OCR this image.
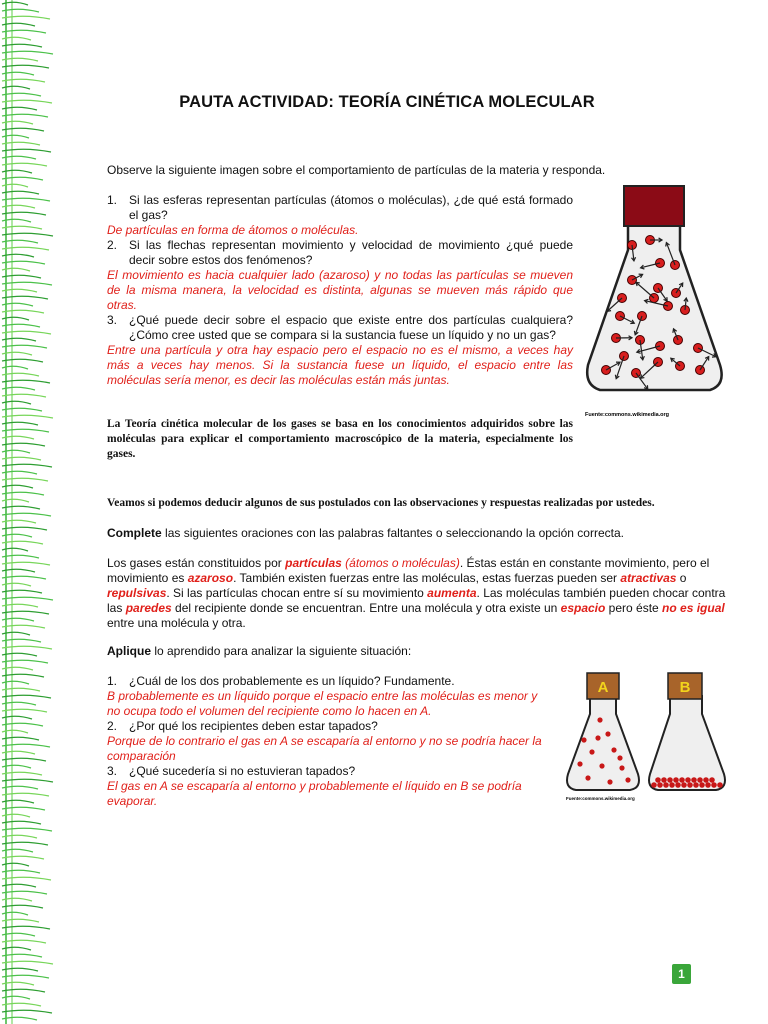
PAUTA ACTIVIDAD: TEORÍA CINÉTICA MOLECULAR
Observe la siguiente imagen sobre el comportamiento de partículas de la materia y responda.
1. Si las esferas representan partículas (átomos o moléculas), ¿de qué está formado el gas?
De partículas en forma de átomos o moléculas.
2. Si las flechas representan movimiento y velocidad de movimiento ¿qué puede decir sobre estos dos fenómenos?
El movimiento es hacia cualquier lado (azaroso) y no todas las partículas se mueven de la misma manera, la velocidad es distinta, algunas se mueven más rápido que otras.
3. ¿Qué puede decir sobre el espacio que existe entre dos partículas cualquiera? ¿Cómo cree usted que se compara si la sustancia fuese un líquido y no un gas?
Entre una partícula y otra hay espacio pero el espacio no es el mismo, a veces hay más a veces hay menos. Si la sustancia fuese un líquido, el espacio entre las moléculas sería menor, es decir las moléculas están más juntas.
Fuente:commons.wikimedia.org
La Teoría cinética molecular de los gases se basa en los conocimientos adquiridos sobre las moléculas para explicar el comportamiento macroscópico de la materia, especialmente los gases.
Veamos si podemos deducir algunos de sus postulados con las observaciones y respuestas realizadas por ustedes.
Complete las siguientes oraciones con las palabras faltantes o seleccionando la opción correcta.
Los gases están constituidos por partículas (átomos o moléculas). Éstas están en constante movimiento, pero el movimiento es azaroso. También existen fuerzas entre las moléculas, estas fuerzas pueden ser atractivas o repulsivas. Si las partículas chocan entre sí su movimiento aumenta. Las moléculas también pueden chocar contra las paredes del recipiente donde se encuentran. Entre una molécula y otra existe un espacio pero éste no es igual entre una molécula y otra.
Aplique lo aprendido para analizar la siguiente situación:
1. ¿Cuál de los dos probablemente es un líquido? Fundamente.
B probablemente es un líquido porque el espacio entre las moléculas es menor y no ocupa todo el volumen del recipiente como lo hacen en A.
2. ¿Por qué los recipientes deben estar tapados?
Porque de lo contrario el gas en A se escaparía al entorno y no se podría hacer la comparación
3. ¿Qué sucedería si no estuvieran tapados?
El gas en A se escaparía al entorno y probablemente el líquido en B se podría evaporar.
A	B
Fuente:commons.wikimedia.org
1
